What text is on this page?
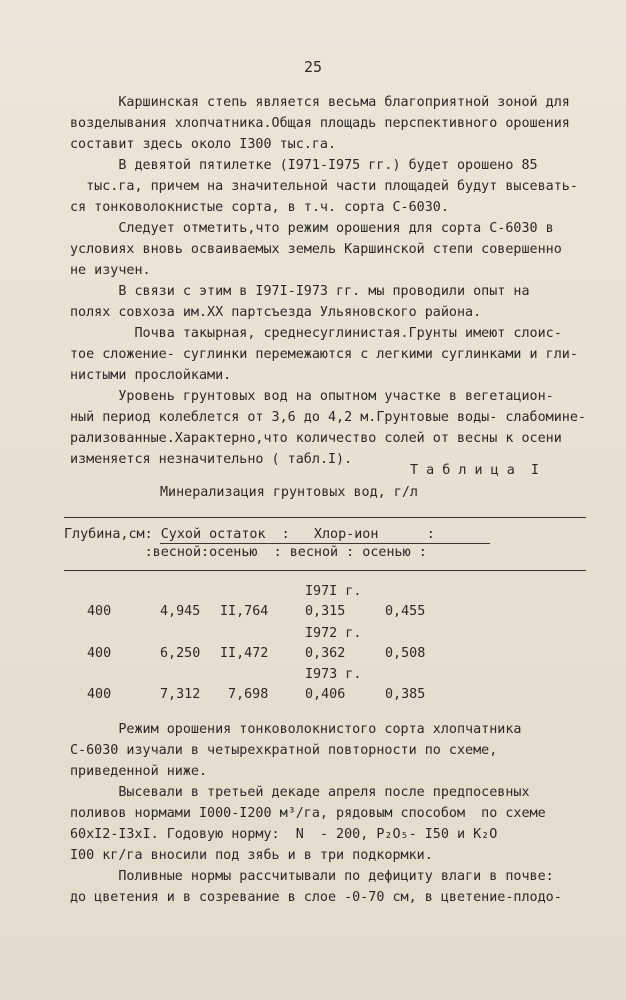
25

Каршинская степь является весьма благоприятной зоной для

возделывания хлопчатника.Общая площадь перспективного орошения

составит здесь около I300 тыс.га.

В девятой пятилетке (I971-I975 гг.) будет орошено 85

тыс.га, причем на значительной части площадей будут высевать-

ся тонковолокнистые сорта, в т.ч. сорта С-6030.

Следует отметить,что режим орошения для сорта С-6030 в

условиях вновь осваиваемых земель Каршинской степи совершенно

не изучен.

В связи с этим в I97I-I973 гг. мы проводили опыт на

полях совхоза им.XX партсъезда Ульяновского района.

Почва такырная, среднесуглинистая.Грунты имеют слоис-

тое сложение- суглинки перемежаются с легкими суглинками и гли-

нистыми прослойками.

Уровень грунтовых вод на опытном участке в вегетацион-

ный период колеблется от 3,6 до 4,2 м.Грунтовые воды- слабомине-

рализованные.Характерно,что количество солей от весны к осени

изменяется незначительно ( табл.I).

Т а б л и ц а  I
Минерализация грунтовых вод, г/л
Глубина,см: Сухой остаток  :   Хлор-ион      :
:весной:осенью  : весной : осенью :
I97I г.
400	4,945 II,764	0,315	0,455
I972 г.
400	6,250 II,472	0,362	0,508
I973 г.
400	7,312 7,698	0,406	0,385

Режим орошения тонковолокнистого сорта хлопчатника

С-6030 изучали в четырехкратной повторности по схеме,

приведенной ниже.

Высевали в третьей декаде апреля после предпосевных

поливов нормами I000-I200 м³/га, рядовым способом  по схеме

60xI2-I3xI. Годовую норму:  N  - 200, P₂O₅- I50 и K₂O

I00 кг/га вносили под зябь и в три подкормки.

Поливные нормы рассчитывали по дефициту влаги в почве:

до цветения и в созревание в слое -0-70 см, в цветение-плодо-
